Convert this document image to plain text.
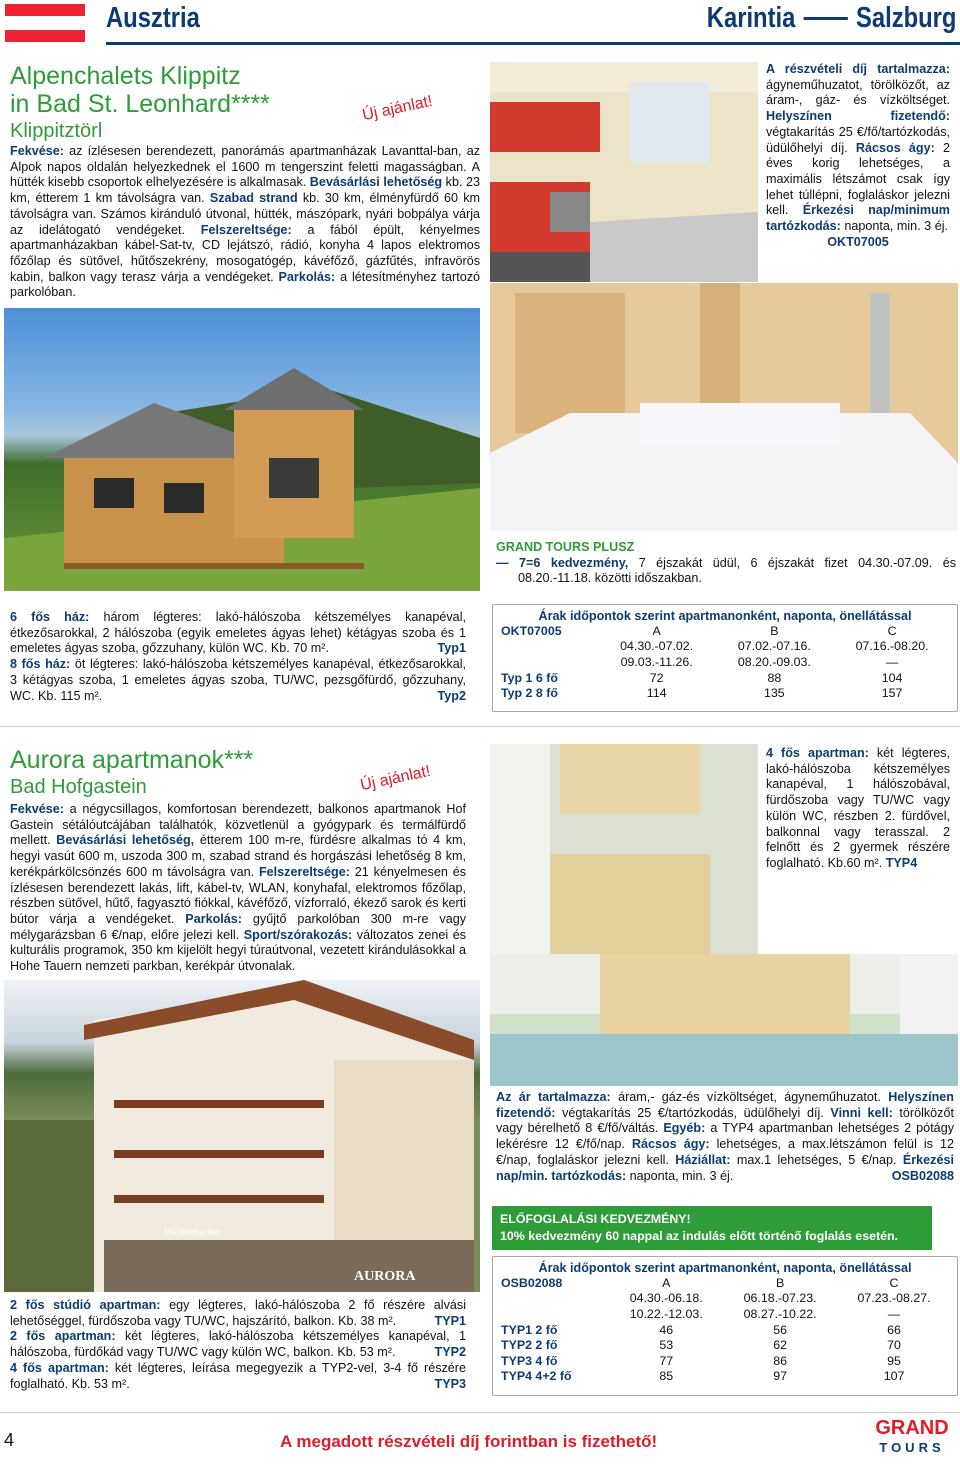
Ausztria	Karintia Salzburg
Alpenchalets Klippitz
in Bad St. Leonhard****
Klippitztörl
Új ajánlat!
Fekvése: az ízlésesen berendezett, panorámás apartmanházak Lavanttal-ban, az Alpok napos oldalán helyezkednek el 1600 m tengerszint feletti magasságban. A hütték kisebb csoportok elhelyezésére is alkalmasak. Bevásárlási lehetőség kb. 23 km, étterem 1 km távolságra van. Szabad strand kb. 30 km, élményfürdő 60 km távolságra van. Számos kiránduló útvonal, hütték, mászópark, nyári bobpálya várja az idelátogató vendégeket. Felszereltsége: a fából épült, kényelmes apartmanházakban kábel-Sat-tv, CD lejátszó, rádió, konyha 4 lapos elektromos főzőlap és sütővel, hűtőszekrény, mosogatógép, kávéfőző, gázfűtés, infravörös kabin, balkon vagy terasz várja a vendégeket. Parkolás: a létesítményhez tartozó parkolóban.
A részvételi díj tartalmazza: ágyneműhuzatot, törölközőt, az áram-, gáz- és vízköltséget. Helyszínen fizetendő: végtakarítás 25 €/fő/tartózkodás, üdülőhelyi díj. Rácsos ágy: 2 éves korig lehetséges, a maximális létszámot csak így lehet túllépni, foglaláskor jelezni kell. Érkezési nap/minimum tartózkodás: naponta, min. 3 éj.
OKT07005
GRAND TOURS PLUSZ
— 7=6 kedvezmény, 7 éjszakát üdül, 6 éjszakát fizet 04.30.-07.09. és 08.20.-11.18. közötti időszakban.
6 fős ház: három légteres: lakó-hálószoba kétszemélyes kanapéval, étkezősarokkal, 2 hálószoba (egyik emeletes ágyas lehet) kétágyas szoba és 1 emeletes ágyas szoba, gőzzuhany, külön WC. Kb. 70 m².	Typ1
8 fős ház: öt légteres: lakó-hálószoba kétszemélyes kanapéval, étkezősarokkal, 3 kétágyas szoba, 1 emeletes ágyas szoba, TU/WC, pezsgőfürdő, gőzzuhany, WC. Kb. 115 m².	Typ2
Árak időpontok szerint apartmanonként, naponta, önellátással
OKT07005	A	B	C
	04.30.-07.02.	07.02.-07.16.	07.16.-08.20.
	09.03.-11.26.	08.20.-09.03.	—
Typ 1 6 fő	72	88	104
Typ 2 8 fő	114	135	157
Aurora apartmanok***
Bad Hofgastein	Új ajánlat!
Fekvése: a négycsillagos, komfortosan berendezett, balkonos apartmanok Hof Gastein sétálóutcájában találhatók, közvetlenül a gyógypark és termálfürdő mellett. Bevásárlási lehetőség, étterem 100 m-re, fürdésre alkalmas tó 4 km, hegyi vasút 600 m, uszoda 300 m, szabad strand és horgászási lehetőség 8 km, kerékpárkölcsönzés 600 m távolságra van. Felszereltsége: 21 kényelmesen és ízlésesen berendezett lakás, lift, kábel-tv, WLAN, konyhafal, elektromos főzőlap, részben sütővel, hűtő, fagyasztó fiókkal, kávéfőző, vízforraló, ékező sarok és kerti bútor várja a vendégeket. Parkolás: gyűjtő parkolóban 300 m-re vagy mélygarázsban 6 €/nap, előre jelezi kell. Sport/szórakozás: változatos zenei és kulturális programok, 350 km kijelölt hegyi túraútvonal, vezetett kirándulásokkal a Hohe Tauern nemzeti parkban, kerékpár útvonalak.
AURORA
Weidenbacher
4 fős apartman: két légteres, lakó-hálószoba kétszemélyes kanapéval, 1 hálószobával, fürdőszoba vagy TU/WC vagy külön WC, részben 2. fürdővel, balkonnal vagy terasszal. 2 felnőtt és 2 gyermek részére foglalható. Kb.60 m². TYP4
Az ár tartalmazza: áram,- gáz-és vízköltséget, ágyneműhuzatot. Helyszínen fizetendő: végtakarítás 25 €/tartózkodás, üdülőhelyi díj. Vinni kell: törölközőt vagy bérelhető 8 €/fő/váltás. Egyéb: a TYP4 apartmanban lehetséges 2 pótágy lekérésre 12 €/fő/nap. Rácsos ágy: lehetséges, a max.létszámon felül is 12 €/nap, foglaláskor jelezni kell. Háziállat: max.1 lehetséges, 5 €/nap. Érkezési nap/min. tartózkodás: naponta, min. 3 éj.	OSB02088
ELŐFOGLALÁSI KEDVEZMÉNY!
10% kedvezmény 60 nappal az indulás előtt történő foglalás esetén.
2 fős stúdió apartman: egy légteres, lakó-hálószoba 2 fő részére alvási lehetőséggel, fürdőszoba vagy TU/WC, hajszárító, balkon. Kb. 38 m².	TYP1
2 fős apartman: két légteres, lakó-hálószoba kétszemélyes kanapéval, 1 hálószoba, fürdőkád vagy TU/WC vagy külön WC, balkon. Kb. 53 m².	TYP2
4 fős apartman: két légteres, leírása megegyezik a TYP2-vel, 3-4 fő részére foglalható. Kb. 53 m².	TYP3
Árak időpontok szerint apartmanonként, naponta, önellátással
OSB02088	A	B	C
	04.30.-06.18.	06.18.-07.23.	07.23.-08.27.
	10.22.-12.03.	08.27.-10.22.	—
TYP1 2 fő	46	56	66
TYP2 2 fő	53	62	70
TYP3 4 fő	77	86	95
TYP4 4+2 fő	85	97	107
4	A megadott részvételi díj forintban is fizethető!
GRAND
TOURS
